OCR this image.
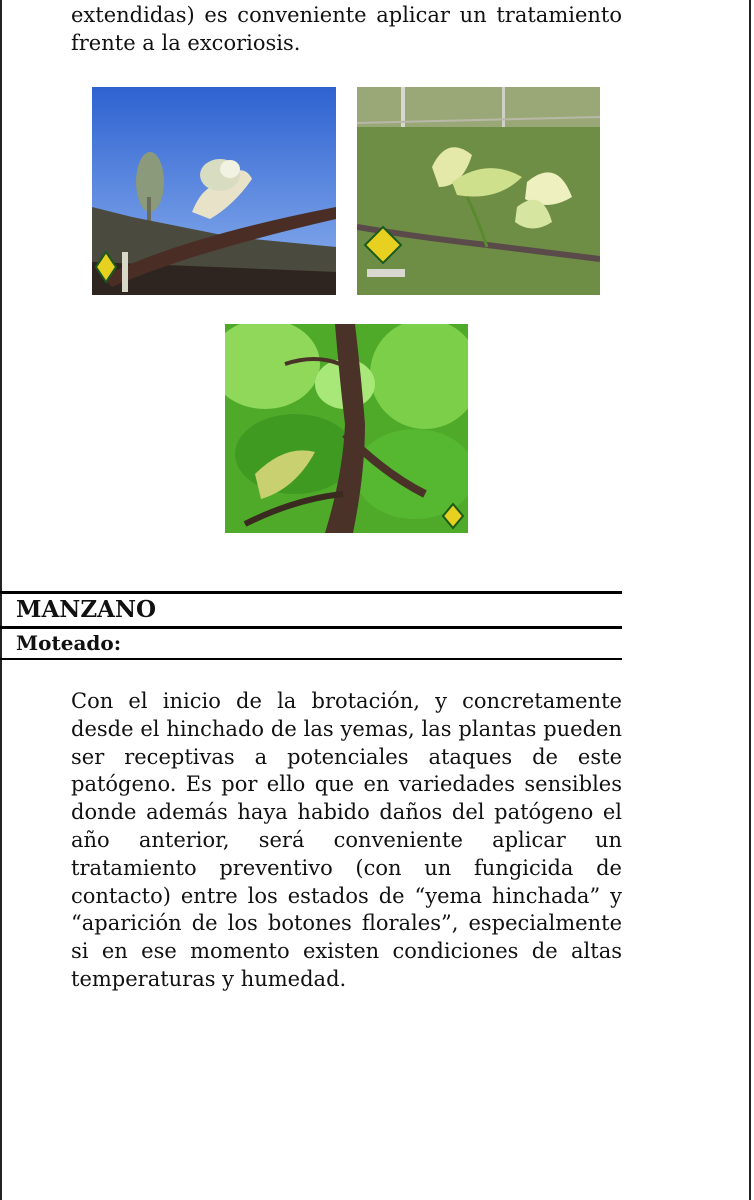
extendidas) es conveniente aplicar un tratamiento frente a la excoriosis.

MANZANO
Moteado:

Con el inicio de la brotación, y concretamente desde el hinchado de las yemas, las plantas pueden ser receptivas a potenciales ataques de este patógeno. Es por ello que en variedades sensibles donde además haya habido daños del patógeno el año anterior, será conveniente aplicar un tratamiento preventivo (con un fungicida de contacto) entre los estados de “yema hinchada” y “aparición de los botones florales”, especialmente si en ese momento existen condiciones de altas temperaturas y humedad.
